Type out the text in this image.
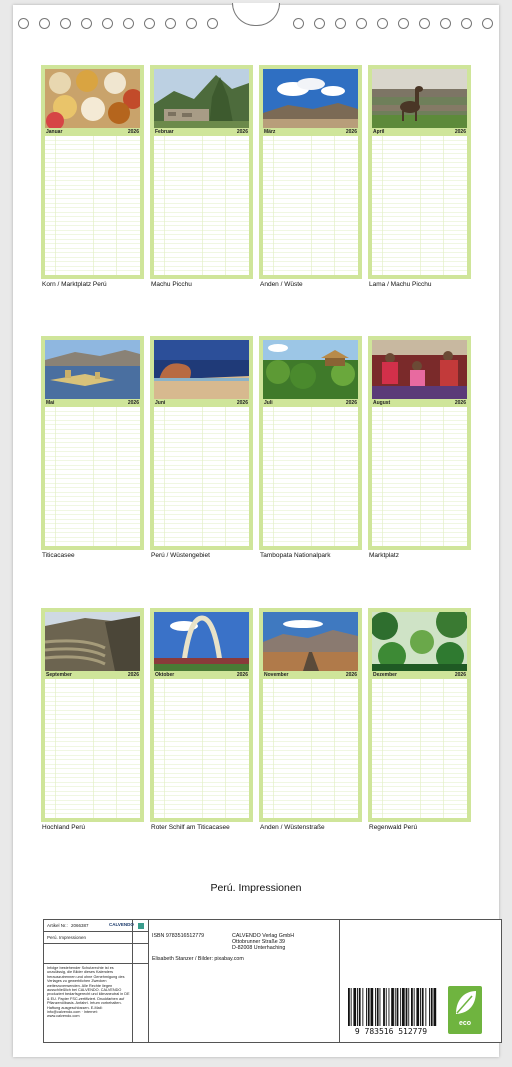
Januar	2026
Korn / Marktplatz Perú
Februar	2026
Machu Picchu
März	2026
Anden / Wüste
April	2026
Lama / Machu Picchu
Mai	2026
Titicacasee
Juni	2026
Perú / Wüstengebiet
Juli	2026
Tambopata Nationalpark
August	2026
Marktplatz
September	2026
Hochland Perú
Oktober	2026
Roter Schilf am Titicacasee
November	2026
Anden / Wüstenstraße
Dezember	2026
Regenwald Perú
Perú. Impressionen
Artikel Nr.: 2066387	CALVENDO
Perú. Impressionen
Infolge bestehender Schutzrechte ist es unzulässig, die Bilder dieses Kalenders herauszutrennen und ohne Genehmigung des Verlages zu gewerblichen Zwecken weiterzuverwenden. Alle Rechte liegen ausschließlich bei CALVENDO. CALVENDO produziert bedarfsgerecht und klimaneutral in DE & EU. Papier FSC-zertifiziert. Druckfarben auf Pflanzenölbasis. Anfahrt. Irrtum vorbehalten. Haftung ausgeschlossen. E-Mail: info@calvendo.com · Internet: www.calvendo.com
ISBN 9783516512779	CALVENDO Verlag GmbH
Ottobrunner Straße 39
D-82008 Unterhaching
Elisabeth Stanzer / Bilder: pixabay.com
9 783516 512779
eco
